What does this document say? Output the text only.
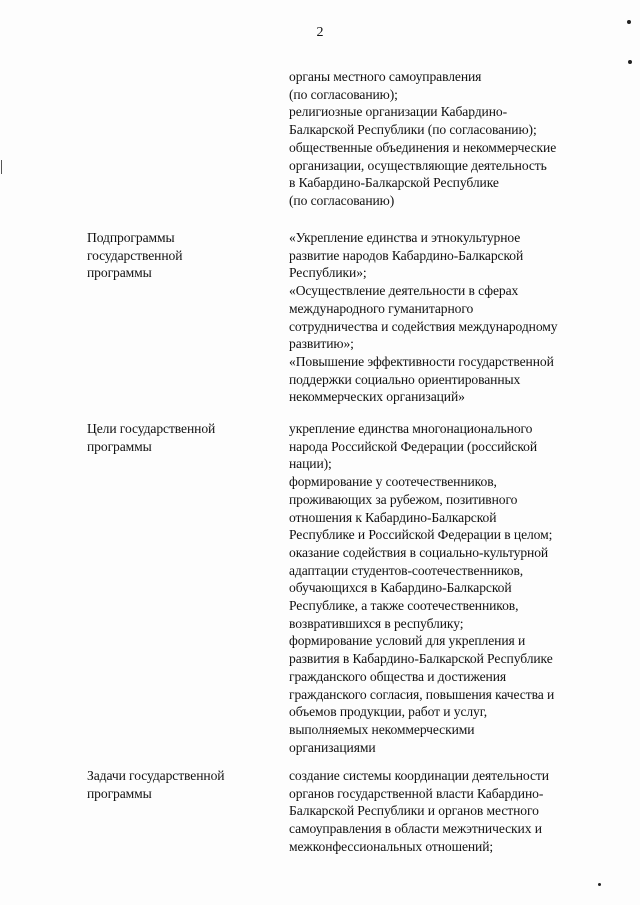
2
органы местного самоуправления
(по согласованию);
религиозные организации Кабардино-
Балкарской Республики (по согласованию);
общественные объединения и некоммерческие
организации, осуществляющие деятельность
в Кабардино-Балкарской Республике
(по согласованию)
Подпрограммы
государственной
программы
«Укрепление единства и этнокультурное
развитие народов Кабардино-Балкарской
Республики»;
«Осуществление деятельности в сферах
международного гуманитарного
сотрудничества и содействия международному
развитию»;
«Повышение эффективности государственной
поддержки социально ориентированных
некоммерческих организаций»
Цели государственной
программы
укрепление единства многонационального
народа Российской Федерации (российской
нации);
формирование у соотечественников,
проживающих за рубежом, позитивного
отношения к Кабардино-Балкарской
Республике и Российской Федерации в целом;
оказание содействия в социально-культурной
адаптации студентов-соотечественников,
обучающихся в Кабардино-Балкарской
Республике, а также соотечественников,
возвратившихся в республику;
формирование условий для укрепления и
развития в Кабардино-Балкарской Республике
гражданского общества и достижения
гражданского согласия, повышения качества и
объемов продукции, работ и услуг,
выполняемых некоммерческими
организациями
Задачи государственной
программы
создание системы координации деятельности
органов государственной власти Кабардино-
Балкарской Республики и органов местного
самоуправления в области межэтнических и
межконфессиональных отношений;
